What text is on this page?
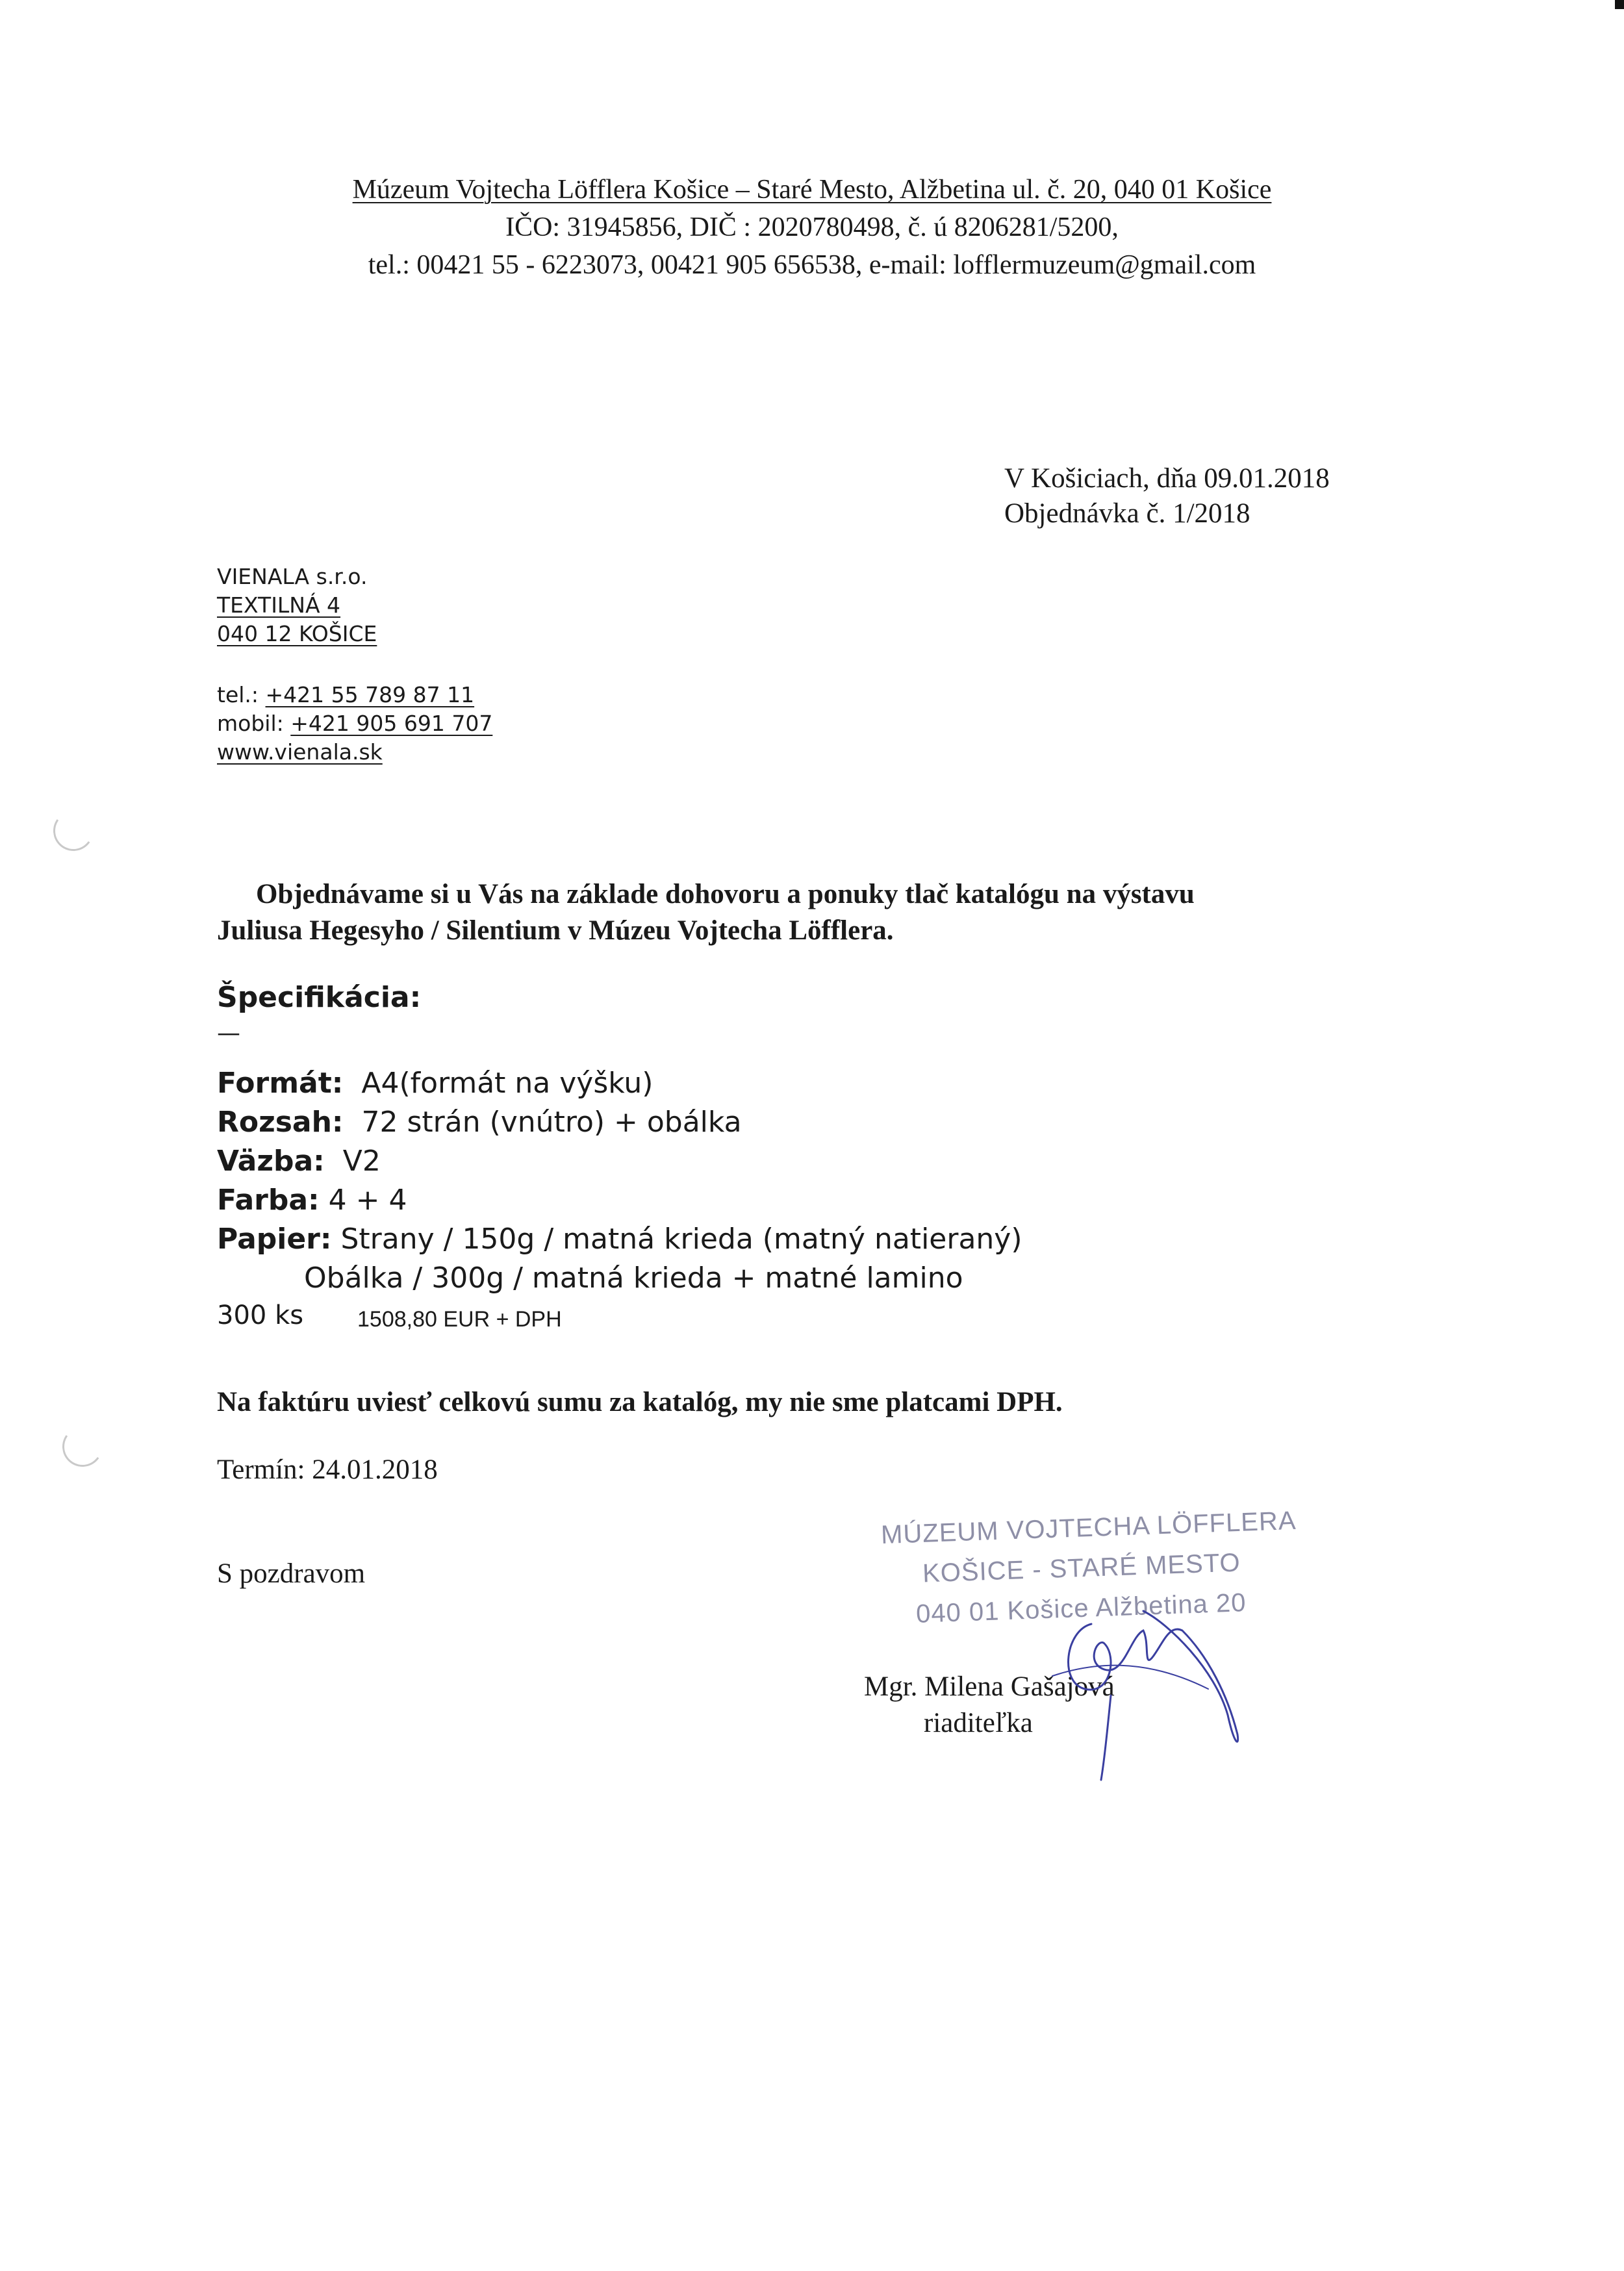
Múzeum Vojtecha Löfflera Košice – Staré Mesto, Alžbetina ul. č. 20, 040 01 Košice
IČO: 31945856, DIČ : 2020780498, č. ú 8206281/5200,
tel.: 00421 55 - 6223073, 00421 905 656538, e-mail: lofflermuzeum@gmail.com
V Košiciach, dňa 09.01.2018
Objednávka č. 1/2018
VIENALA s.r.o.
TEXTILNÁ 4
040 12 KOŠICE
tel.: +421 55 789 87 11
mobil: +421 905 691 707
www.vienala.sk
Objednávame si u Vás na základe dohovoru a ponuky tlač katalógu na výstavu
Juliusa Hegesyho / Silentium v Múzeu Vojtecha Löfflera.
Špecifikácia:
—
Formát: A4(formát na výšku)
Rozsah: 72 strán (vnútro) + obálka
Väzba: V2
Farba: 4 + 4
Papier: Strany / 150g / matná krieda (matný natieraný)
Obálka / 300g / matná krieda + matné lamino
300 ks 1508,80 EUR + DPH
Na faktúru uviesť celkovú sumu za katalóg, my nie sme platcami DPH.
Termín: 24.01.2018
S pozdravom
MÚZEUM VOJTECHA LÖFFLERA
KOŠICE - STARÉ MESTO
040 01 Košice Alžbetina 20
Mgr. Milena Gašajová
riaditeľka
